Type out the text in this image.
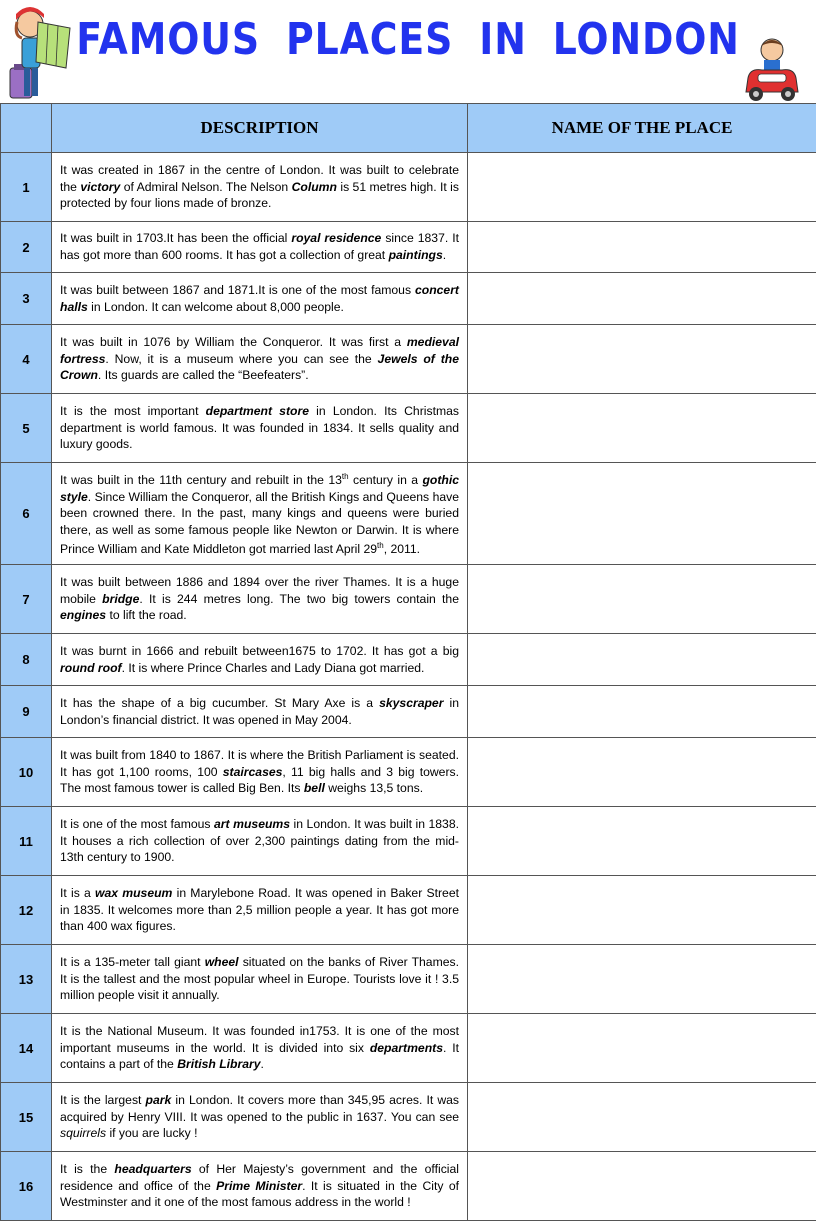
FAMOUS PLACES IN LONDON
	DESCRIPTION	NAME OF THE PLACE

1	It was created in 1867 in the centre of London. It was built to celebrate the victory of Admiral Nelson. The Nelson Column is 51 metres high. It is protected by four lions made of bronze.	

2	It was built in 1703.It has been the official royal residence since 1837. It has got more than 600 rooms. It has got a collection of great paintings.	

3	It was built between 1867 and 1871.It is one of the most famous concert halls in London. It can welcome about 8,000 people.	

4	It was built in 1076 by William the Conqueror. It was first a medieval fortress. Now, it is a museum where you can see the Jewels of the Crown. Its guards are called the “Beefeaters”.	

5	It is the most important department store in London. Its Christmas department is world famous. It was founded in 1834. It sells quality and luxury goods.	

6	It was built in the 11th century and rebuilt in the 13th century in a gothic style. Since William the Conqueror, all the British Kings and Queens have been crowned there. In the past, many kings and queens were buried there, as well as some famous people like Newton or Darwin. It is where Prince William and Kate Middleton got married last April 29th, 2011.	

7	It was built between 1886 and 1894 over the river Thames. It is a huge mobile bridge. It is 244 metres long. The two big towers contain the engines to lift the road.	

8	It was burnt in 1666 and rebuilt between1675 to 1702. It has got a big round roof. It is where Prince Charles and Lady Diana got married.	

9	It has the shape of a big cucumber. St Mary Axe is a skyscraper in London’s financial district. It was opened in May 2004.	

10	It was built from 1840 to 1867. It is where the British Parliament is seated. It has got 1,100 rooms, 100 staircases, 11 big halls and 3 big towers. The most famous tower is called Big Ben. Its bell weighs 13,5 tons.	

11	It is one of the most famous art museums in London. It was built in 1838. It houses a rich collection of over 2,300 paintings dating from the mid-13th century to 1900.	

12	It is a wax museum in Marylebone Road. It was opened in Baker Street in 1835. It welcomes more than 2,5 million people a year. It has got more than 400 wax figures.	

13	It is a 135-meter tall giant wheel situated on the banks of River Thames. It is the tallest and the most popular wheel in Europe. Tourists love it ! 3.5 million people visit it annually.	

14	It is the National Museum. It was founded in1753. It is one of the most important museums in the world. It is divided into six departments. It contains a part of the British Library.	

15	It is the largest park in London. It covers more than 345,95 acres. It was acquired by Henry VIII. It was opened to the public in 1637. You can see squirrels if you are lucky !	

16	It is the headquarters of Her Majesty’s government and the official residence and office of the Prime Minister. It is situated in the City of Westminster and it one of the most famous address in the world !	
